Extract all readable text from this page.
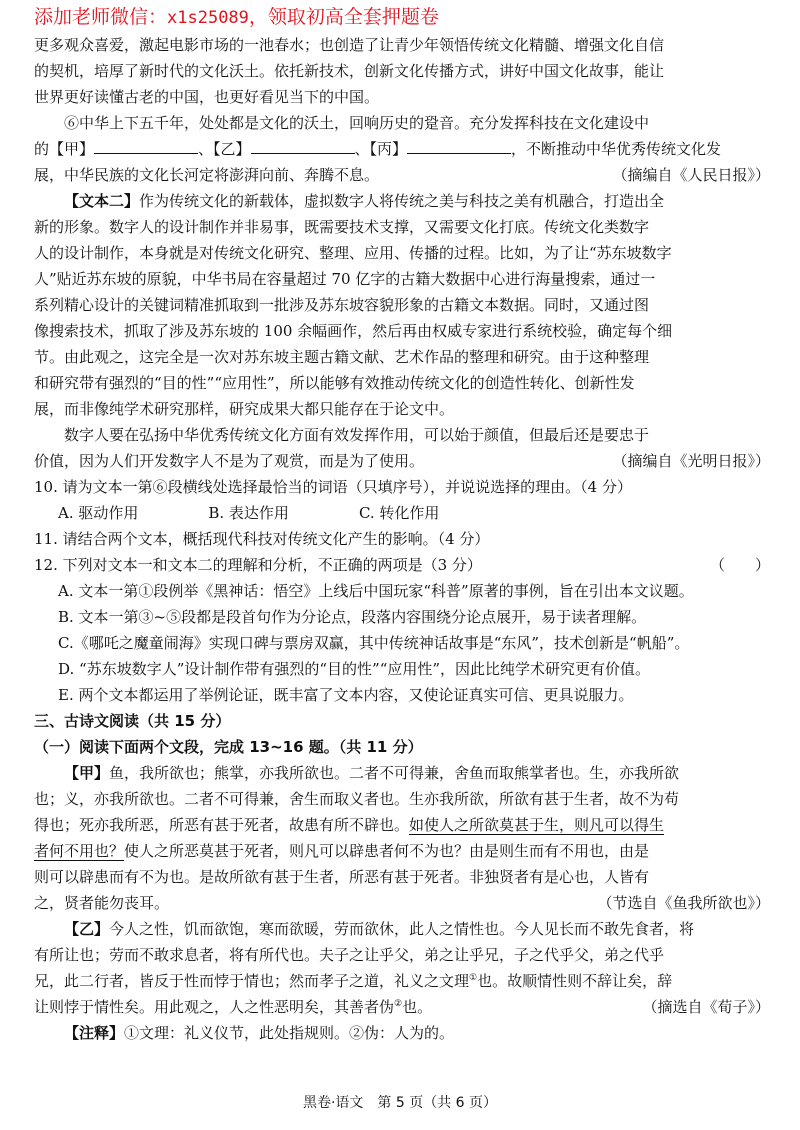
添加老师微信：x1s25089，领取初高全套押题卷

更多观众喜爱，激起电影市场的一池春水；也创造了让青少年领悟传统文化精髓、增强文化自信

的契机，培厚了新时代的文化沃土。依托新技术，创新文化传播方式，讲好中国文化故事，能让

世界更好读懂古老的中国，也更好看见当下的中国。

⑥中华上下五千年，处处都是文化的沃土，回响历史的跫音。充分发挥科技在文化建设中

的【甲】	、【乙】	、【丙】	，不断推动中华优秀传统文化发

展，中华民族的文化长河定将澎湃向前、奔腾不息。	（摘编自《人民日报》）

【文本二】作为传统文化的新载体，虚拟数字人将传统之美与科技之美有机融合，打造出全

新的形象。数字人的设计制作并非易事，既需要技术支撑，又需要文化打底。传统文化类数字

人的设计制作，本身就是对传统文化研究、整理、应用、传播的过程。比如，为了让“苏东坡数字

人”贴近苏东坡的原貌，中华书局在容量超过 70 亿字的古籍大数据中心进行海量搜索，通过一

系列精心设计的关键词精准抓取到一批涉及苏东坡容貌形象的古籍文本数据。同时，又通过图

像搜索技术，抓取了涉及苏东坡的 100 余幅画作，然后再由权威专家进行系统校验，确定每个细

节。由此观之，这完全是一次对苏东坡主题古籍文献、艺术作品的整理和研究。由于这种整理

和研究带有强烈的“目的性”“应用性”，所以能够有效推动传统文化的创造性转化、创新性发

展，而非像纯学术研究那样，研究成果大都只能存在于论文中。

数字人要在弘扬中华优秀传统文化方面有效发挥作用，可以始于颜值，但最后还是要忠于

价值，因为人们开发数字人不是为了观赏，而是为了使用。	（摘编自《光明日报》）

10. 请为文本一第⑥段横线处选择最恰当的词语（只填序号），并说说选择的理由。（4 分）

A. 驱动作用	B. 表达作用	C. 转化作用

11. 请结合两个文本，概括现代科技对传统文化产生的影响。（4 分）

12. 下列对文本一和文本二的理解和分析，不正确的两项是（3 分）	（　　）

A. 文本一第①段例举《黑神话：悟空》上线后中国玩家“科普”原著的事例，旨在引出本文议题。

B. 文本一第③~⑤段都是段首句作为分论点，段落内容围绕分论点展开，易于读者理解。

C.《哪吒之魔童闹海》实现口碑与票房双赢，其中传统神话故事是“东风”，技术创新是“帆船”。

D. “苏东坡数字人”设计制作带有强烈的“目的性”“应用性”，因此比纯学术研究更有价值。

E. 两个文本都运用了举例论证，既丰富了文本内容，又使论证真实可信、更具说服力。

三、古诗文阅读（共 15 分）

（一）阅读下面两个文段，完成 13~16 题。（共 11 分）

【甲】鱼，我所欲也；熊掌，亦我所欲也。二者不可得兼，舍鱼而取熊掌者也。生，亦我所欲

也；义，亦我所欲也。二者不可得兼，舍生而取义者也。生亦我所欲，所欲有甚于生者，故不为苟

得也；死亦我所恶，所恶有甚于死者，故患有所不辟也。如使人之所欲莫甚于生，则凡可以得生

者何不用也？使人之所恶莫甚于死者，则凡可以辟患者何不为也？由是则生而有不用也，由是

则可以辟患而有不为也。是故所欲有甚于生者，所恶有甚于死者。非独贤者有是心也，人皆有

之，贤者能勿丧耳。	（节选自《鱼我所欲也》）

【乙】今人之性，饥而欲饱，寒而欲暖，劳而欲休，此人之情性也。今人见长而不敢先食者，将

有所让也；劳而不敢求息者，将有所代也。夫子之让乎父，弟之让乎兄，子之代乎父，弟之代乎

兄，此二行者，皆反于性而悖于情也；然而孝子之道，礼义之文理①也。故顺情性则不辞让矣，辞

让则悖于情性矣。用此观之，人之性恶明矣，其善者伪②也。	（摘选自《荀子》）

【注释】①文理：礼义仪节，此处指规则。②伪：人为的。

黑卷·语文　第 5 页（共 6 页）
